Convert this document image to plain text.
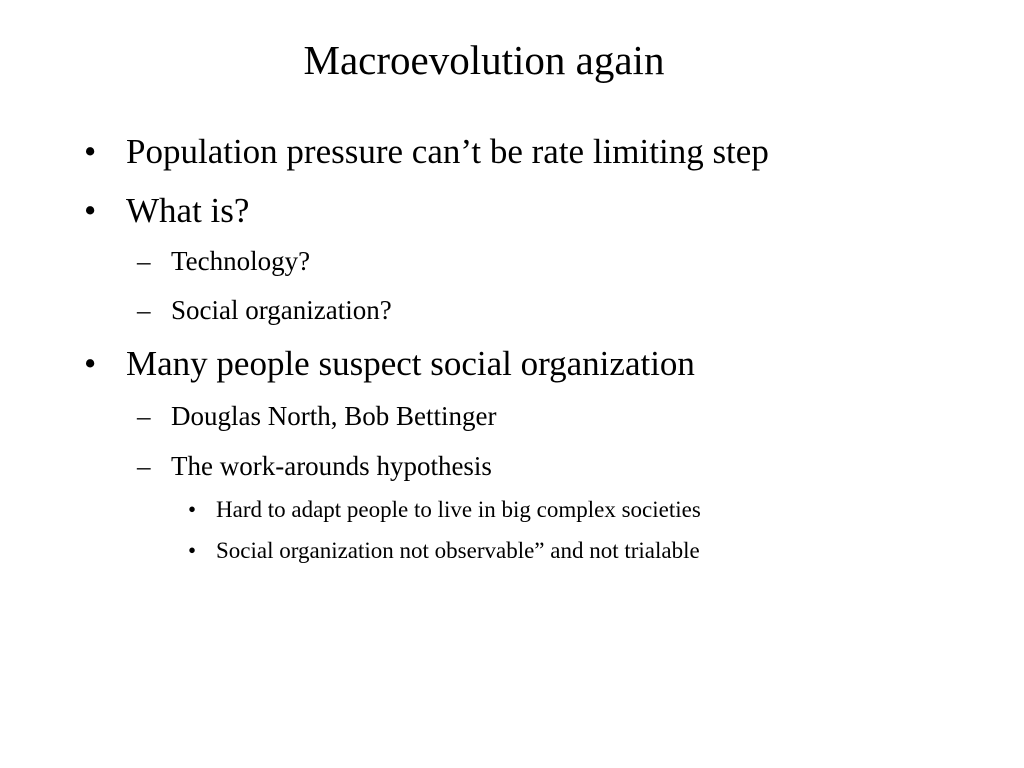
Macroevolution again
• Population pressure can’t be rate limiting step
• What is?
– Technology?
– Social organization?
• Many people suspect social organization
– Douglas North, Bob Bettinger
– The work-arounds hypothesis
• Hard to adapt people to live in big complex societies
• Social organization not observable” and not trialable
